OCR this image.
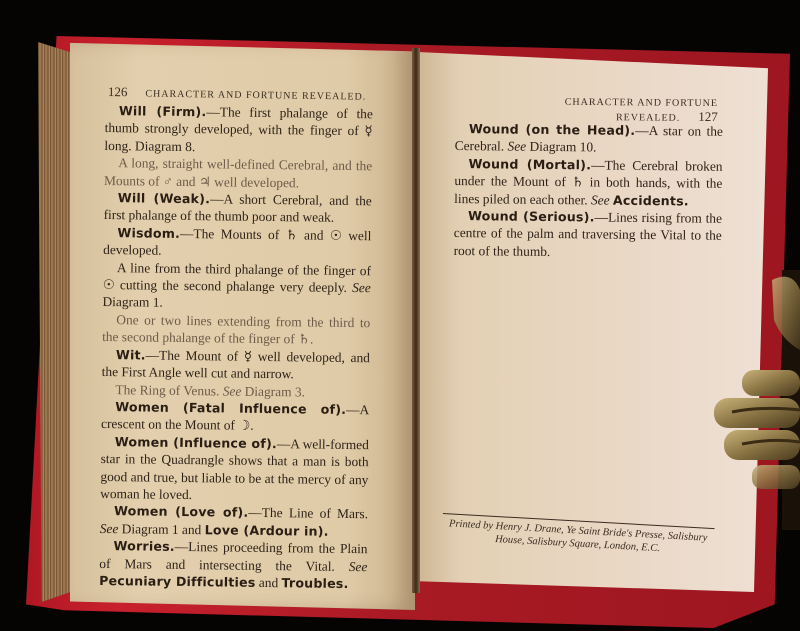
126 CHARACTER AND FORTUNE REVEALED.

Will (Firm).—The first phalange of the thumb strongly developed, with the finger of ☿ long. Diagram 8.

A long, straight well-defined Cerebral, and the Mounts of ♂ and ♃ well developed.

Will (Weak).—A short Cerebral, and the first phalange of the thumb poor and weak.

Wisdom.—The Mounts of ♄ and ☉ well developed.

A line from the third phalange of the finger of ☉ cutting the second phalange very deeply. See Diagram 1.

One or two lines extending from the third to the second phalange of the finger of ♄.

Wit.—The Mount of ☿ well developed, and the First Angle well cut and narrow.

The Ring of Venus. See Diagram 3.

Women (Fatal Influence of).—A crescent on the Mount of ☽.

Women (Influence of).—A well-formed star in the Quadrangle shows that a man is both good and true, but liable to be at the mercy of any woman he loved.

Women (Love of).—The Line of Mars. See Diagram 1 and Love (Ardour in).

Worries.—Lines proceeding from the Plain of Mars and intersecting the Vital. See Pecuniary Difficulties and Troubles.

CHARACTER AND FORTUNE REVEALED. 127

Wound (on the Head).—A star on the Cerebral. See Diagram 10.

Wound (Mortal).—The Cerebral broken under the Mount of ♄ in both hands, with the lines piled on each other. See Accidents.

Wound (Serious).—Lines rising from the centre of the palm and traversing the Vital to the root of the thumb.

Printed by Henry J. Drane, Ye Saint Bride's Presse, Salisbury House, Salisbury Square, London, E.C.
